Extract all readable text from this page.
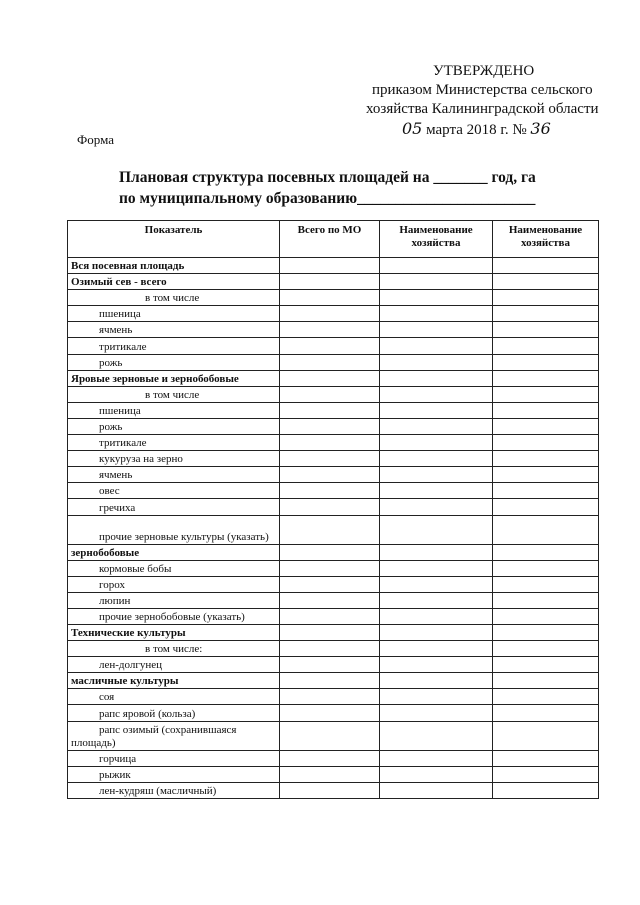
УТВЕРЖДЕНО
приказом Министерства сельского
хозяйства Калининградской области
05 марта 2018 г. № 36
Форма
Плановая структура посевных площадей на _______ год, га
по муниципальному образованию_______________________
Показатель	Всего по МО	Наименование хозяйства	Наименование хозяйства
Вся посевная площадь			
Озимый сев - всего			
в том числе			
пшеница			
ячмень			
тритикале			
рожь			
Яровые зерновые и зернобобовые			
в том числе			
пшеница			
рожь			
тритикале			
кукуруза на зерно			
ячмень			
овес			
гречиха			
прочие зерновые культуры (указать)			
зернобобовые			
кормовые бобы			
горох			
люпин			
прочие зернобобовые (указать)			
Технические культуры			
в том числе:			
лен-долгунец			
масличные культуры			
соя			
рапс яровой (кольза)			
рапс озимый (сохранившаяся площадь)			
горчица			
рыжик			
лен-кудряш (масличный)			
